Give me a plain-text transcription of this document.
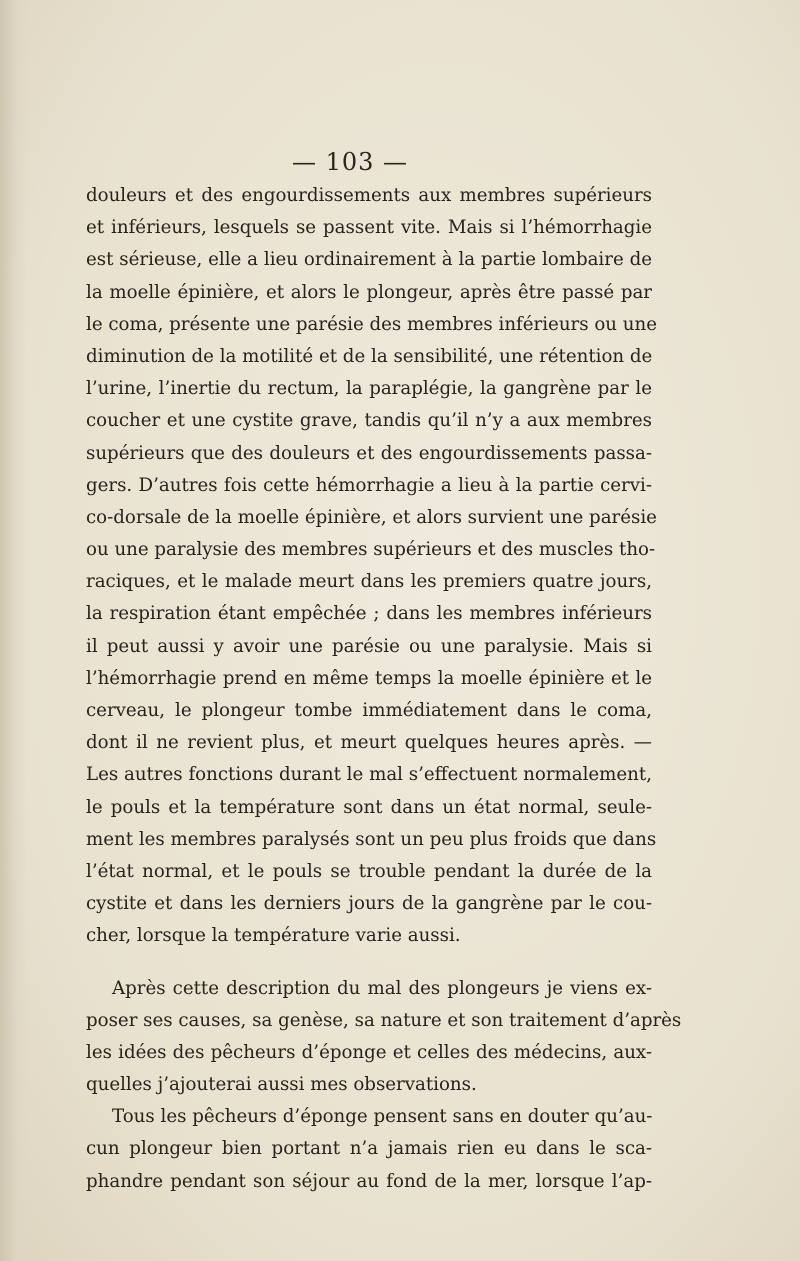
— 103 —
douleurs et des engourdissements aux membres supérieurs
et inférieurs, lesquels se passent vite. Mais si l’hémorrhagie
est sérieuse, elle a lieu ordinairement à la partie lombaire de
la moelle épinière, et alors le plongeur, après être passé par
le coma, présente une parésie des membres inférieurs ou une
diminution de la motilité et de la sensibilité, une rétention de
l’urine, l’inertie du rectum, la paraplégie, la gangrène par le
coucher et une cystite grave, tandis qu’il n’y a aux membres
supérieurs que des douleurs et des engourdissements passa-
gers. D’autres fois cette hémorrhagie a lieu à la partie cervi-
co-dorsale de la moelle épinière, et alors survient une parésie
ou une paralysie des membres supérieurs et des muscles tho-
raciques, et le malade meurt dans les premiers quatre jours,
la respiration étant empêchée ; dans les membres inférieurs
il peut aussi y avoir une parésie ou une paralysie. Mais si
l’hémorrhagie prend en même temps la moelle épinière et le
cerveau, le plongeur tombe immédiatement dans le coma,
dont il ne revient plus, et meurt quelques heures après. —
Les autres fonctions durant le mal s’effectuent normalement,
le pouls et la température sont dans un état normal, seule-
ment les membres paralysés sont un peu plus froids que dans
l’état normal, et le pouls se trouble pendant la durée de la
cystite et dans les derniers jours de la gangrène par le cou-
cher, lorsque la température varie aussi.
Après cette description du mal des plongeurs je viens ex-
poser ses causes, sa genèse, sa nature et son traitement d’après
les idées des pêcheurs d’éponge et celles des médecins, aux-
quelles j’ajouterai aussi mes observations.
Tous les pêcheurs d’éponge pensent sans en douter qu’au-
cun plongeur bien portant n’a jamais rien eu dans le sca-
phandre pendant son séjour au fond de la mer, lorsque l’ap-
